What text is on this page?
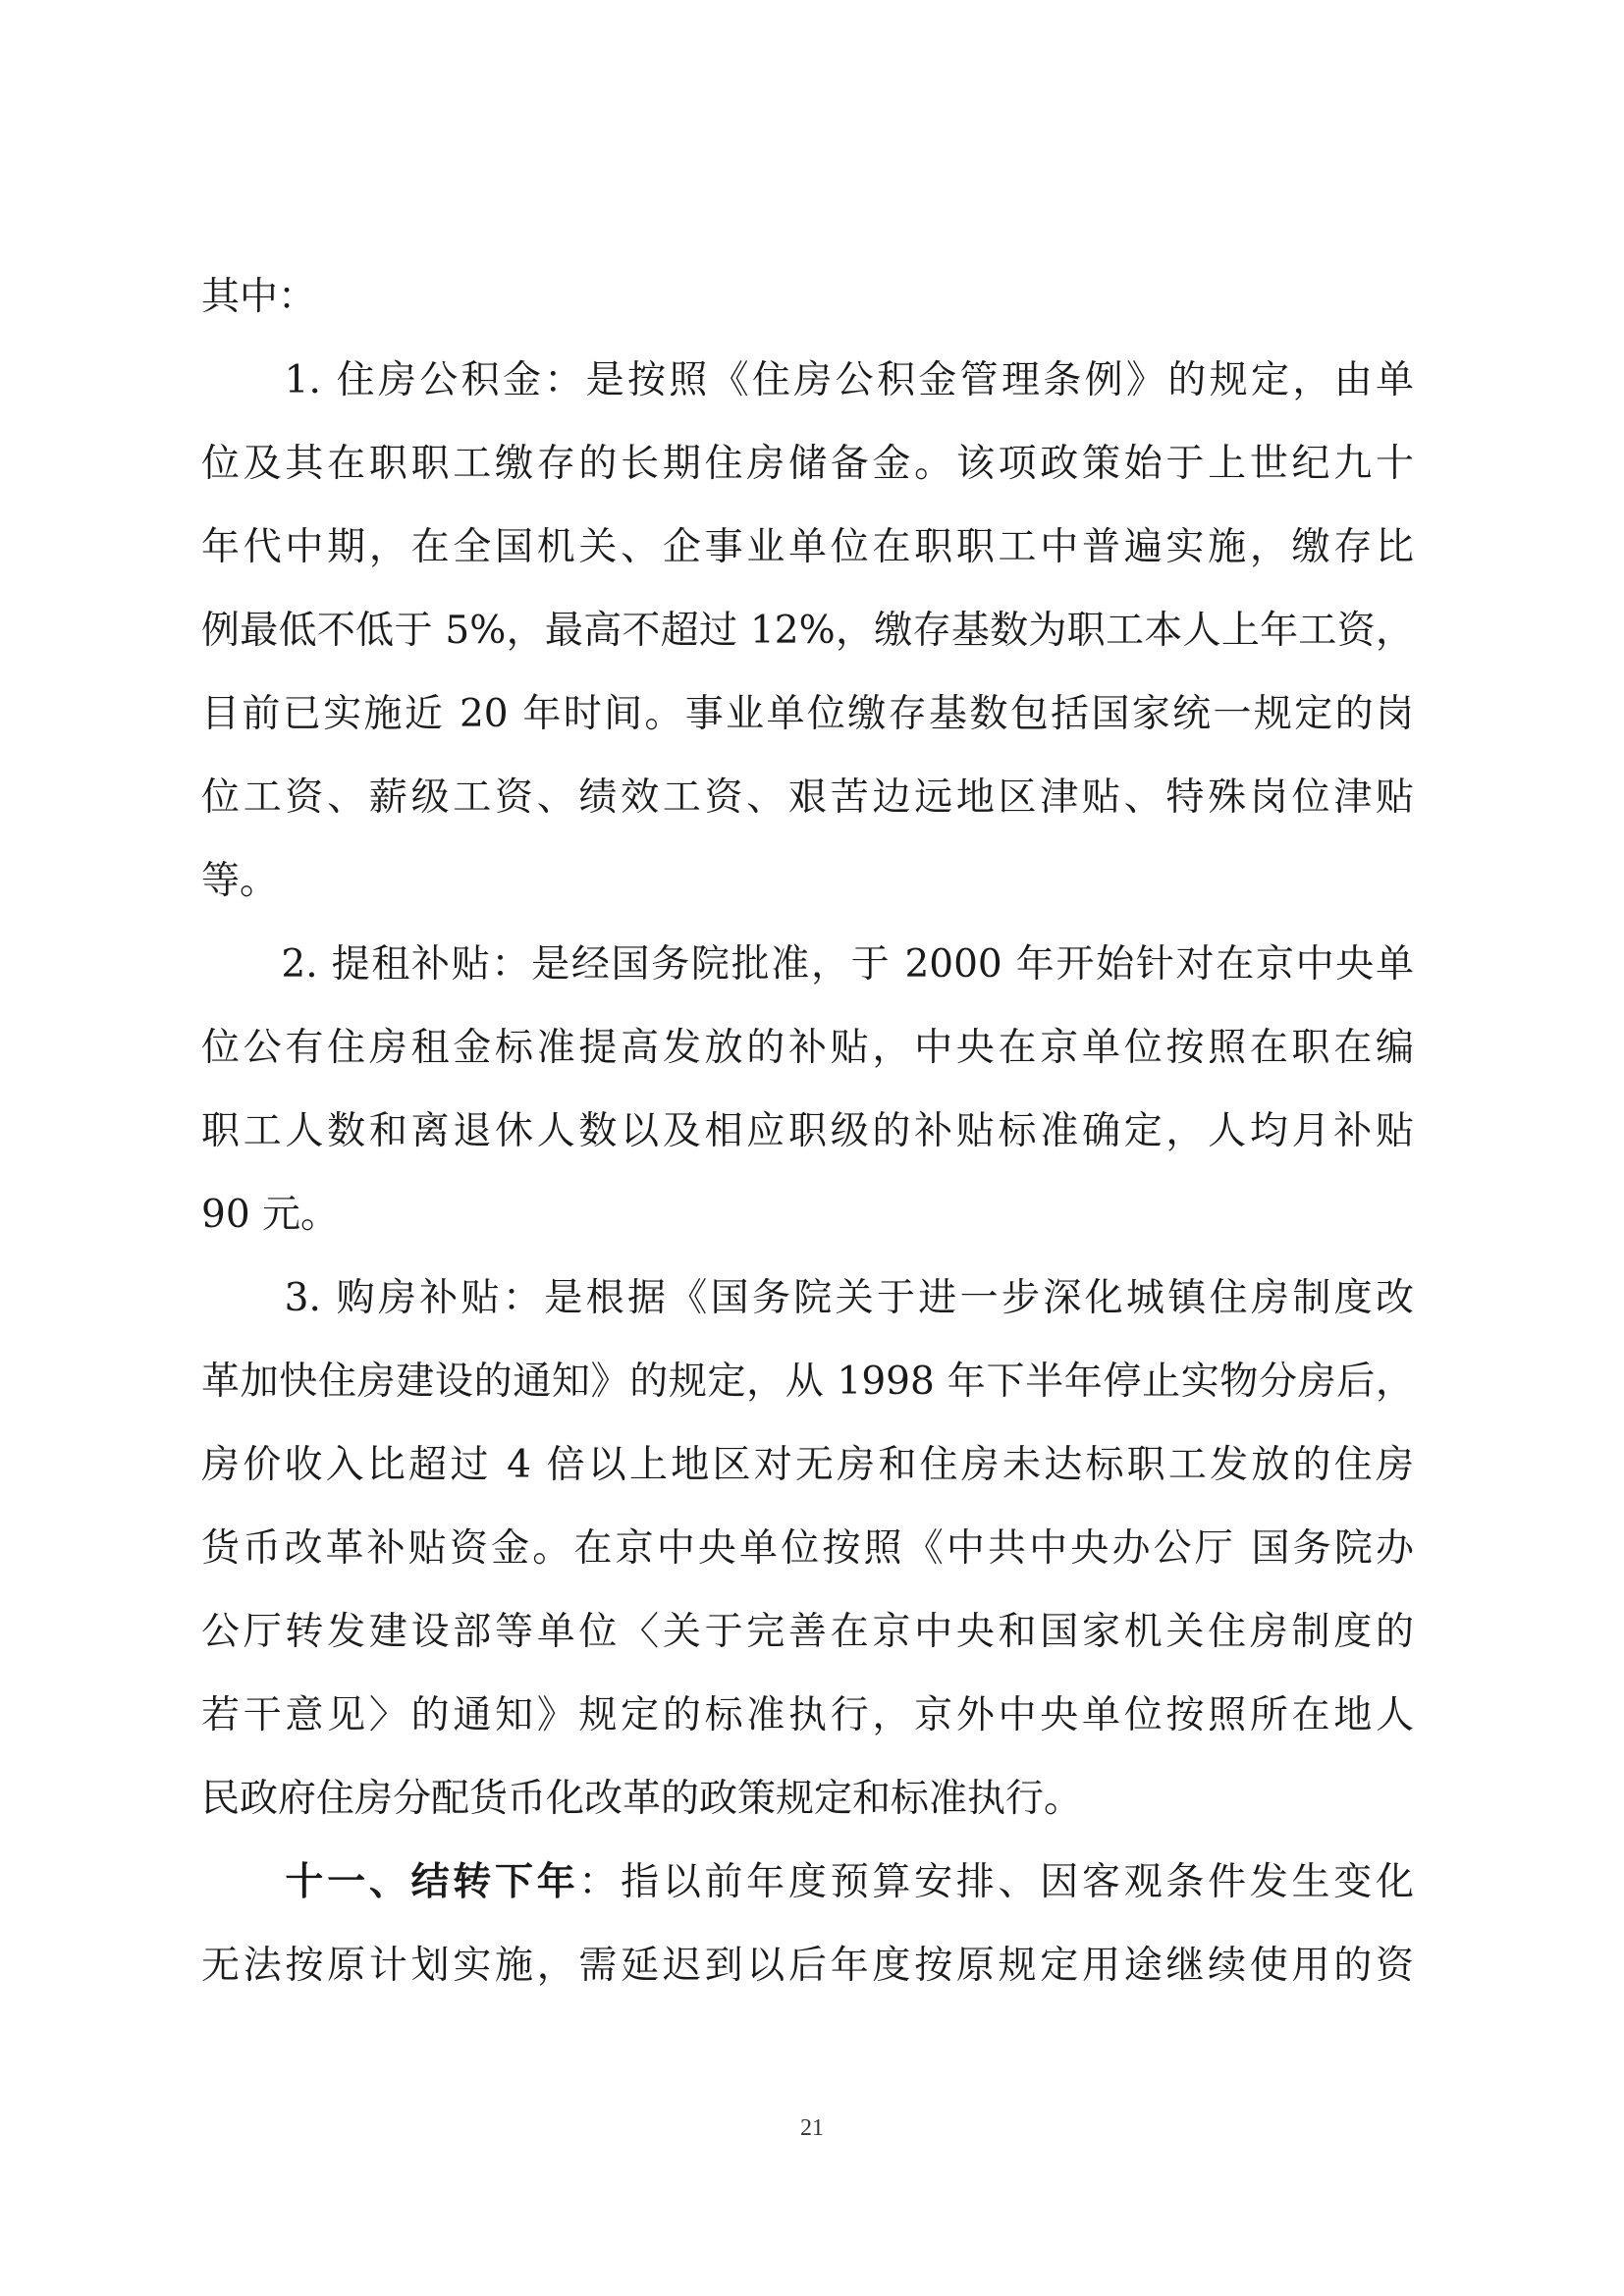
其中：
　　1. 住房公积金：是按照《住房公积金管理条例》的规定，由单
位及其在职职工缴存的长期住房储备金。该项政策始于上世纪九十
年代中期，在全国机关、企事业单位在职职工中普遍实施，缴存比
例最低不低于 5%，最高不超过 12%，缴存基数为职工本人上年工资，
目前已实施近 20 年时间。事业单位缴存基数包括国家统一规定的岗
位工资、薪级工资、绩效工资、艰苦边远地区津贴、特殊岗位津贴
等。
　　2. 提租补贴：是经国务院批准，于 2000 年开始针对在京中央单
位公有住房租金标准提高发放的补贴，中央在京单位按照在职在编
职工人数和离退休人数以及相应职级的补贴标准确定，人均月补贴
90 元。
　　3. 购房补贴：是根据《国务院关于进一步深化城镇住房制度改
革加快住房建设的通知》的规定，从 1998 年下半年停止实物分房后，
房价收入比超过 4 倍以上地区对无房和住房未达标职工发放的住房
货币改革补贴资金。在京中央单位按照《中共中央办公厅 国务院办
公厅转发建设部等单位〈关于完善在京中央和国家机关住房制度的
若干意见〉的通知》规定的标准执行，京外中央单位按照所在地人
民政府住房分配货币化改革的政策规定和标准执行。
　　十一、结转下年：指以前年度预算安排、因客观条件发生变化
无法按原计划实施，需延迟到以后年度按原规定用途继续使用的资
21
